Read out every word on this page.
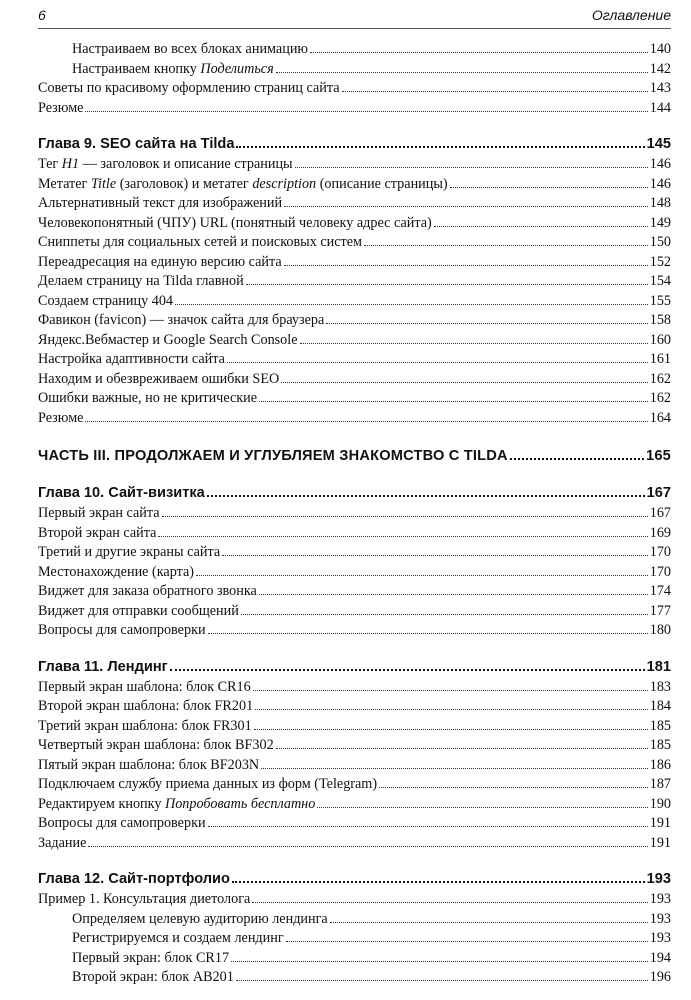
6	Оглавление
Настраиваем во всех блоках анимацию	140
Настраиваем кнопку Поделиться	142
Советы по красивому оформлению страниц сайта	143
Резюме	144
Глава 9. SEO сайта на Tilda	145
Тег H1 — заголовок и описание страницы	146
Метатег Title (заголовок) и метатег description (описание страницы)	146
Альтернативный текст для изображений	148
Человекопонятный (ЧПУ) URL (понятный человеку адрес сайта)	149
Сниппеты для социальных сетей и поисковых систем	150
Переадресация на единую версию сайта	152
Делаем страницу на Tilda главной	154
Создаем страницу 404	155
Фавикон (favicon) — значок сайта для браузера	158
Яндекс.Вебмастер и Google Search Console	160
Настройка адаптивности сайта	161
Находим и обезвреживаем ошибки SEO	162
Ошибки важные, но не критические	162
Резюме	164
ЧАСТЬ III. ПРОДОЛЖАЕМ И УГЛУБЛЯЕМ ЗНАКОМСТВО С TILDA	165
Глава 10. Сайт-визитка	167
Первый экран сайта	167
Второй экран сайта	169
Третий и другие экраны сайта	170
Местонахождение (карта)	170
Виджет для заказа обратного звонка	174
Виджет для отправки сообщений	177
Вопросы для самопроверки	180
Глава 11. Лендинг	181
Первый экран шаблона: блок CR16	183
Второй экран шаблона: блок FR201	184
Третий экран шаблона: блок FR301	185
Четвертый экран шаблона: блок BF302	185
Пятый экран шаблона: блок BF203N	186
Подключаем службу приема данных из форм (Telegram)	187
Редактируем кнопку Попробовать бесплатно	190
Вопросы для самопроверки	191
Задание	191
Глава 12. Сайт-портфолио	193
Пример 1. Консультация диетолога	193
Определяем целевую аудиторию лендинга	193
Регистрируемся и создаем лендинг	193
Первый экран: блок CR17	194
Второй экран: блок AB201	196
